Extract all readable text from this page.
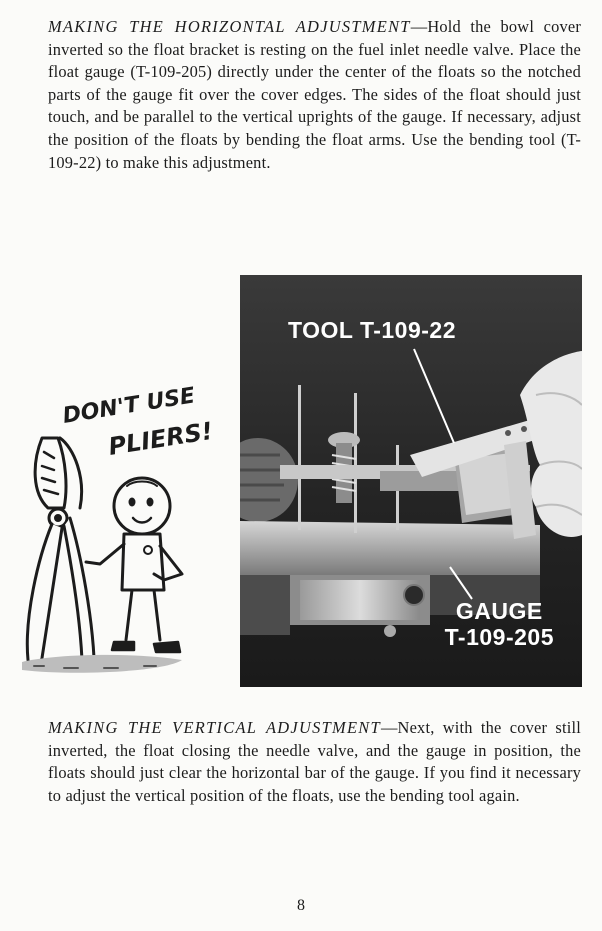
MAKING THE HORIZONTAL ADJUSTMENT—Hold the bowl cover inverted so the float bracket is resting on the fuel inlet needle valve. Place the float gauge (T-109-205) directly under the center of the floats so the notched parts of the gauge fit over the cover edges. The sides of the float should just touch, and be parallel to the vertical uprights of the gauge. If necessary, adjust the position of the floats by bending the float arms. Use the bending tool (T-109-22) to make this adjustment.

DON'T USE
PLIERS!
TOOL T-109-22
GAUGE
T-109-205

MAKING THE VERTICAL ADJUSTMENT—Next, with the cover still inverted, the float closing the needle valve, and the gauge in position, the floats should just clear the horizontal bar of the gauge. If you find it necessary to adjust the vertical position of the floats, use the bending tool again.

8
